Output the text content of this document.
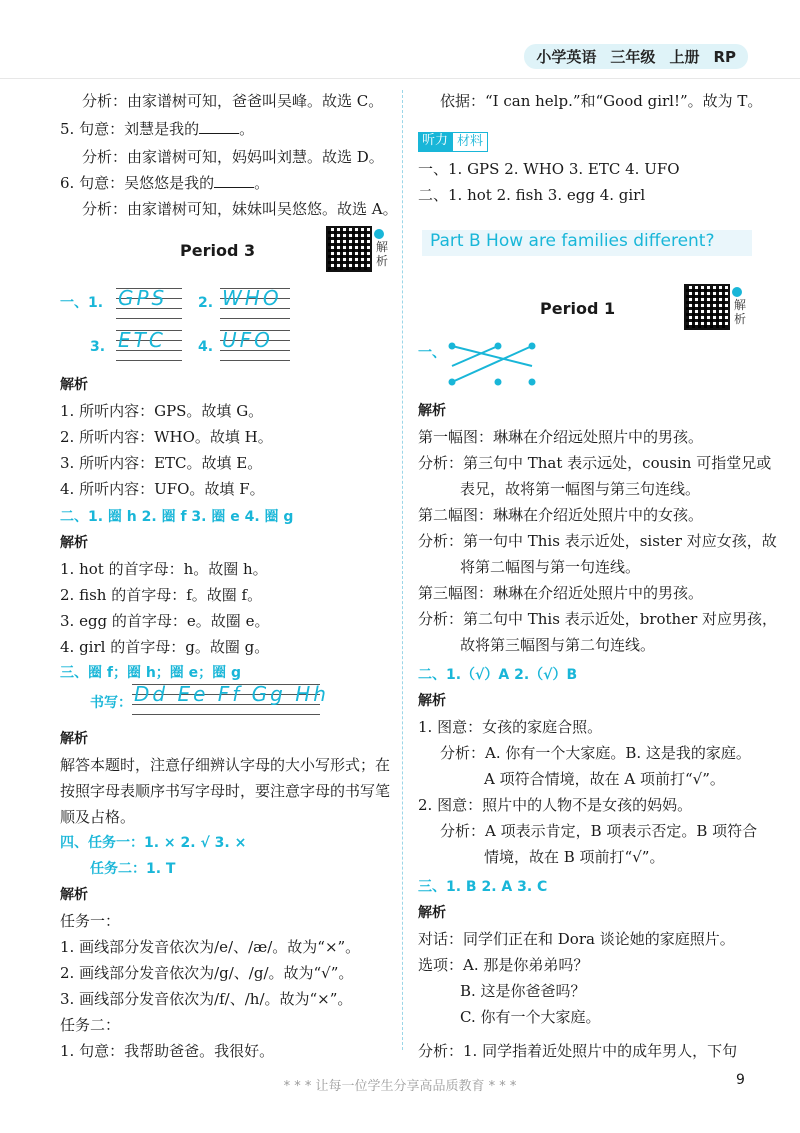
小学英语 三年级 上册 RP
分析：由家谱树可知，爸爸叫吴峰。故选 C。
5. 句意：刘慧是我的	。
分析：由家谱树可知，妈妈叫刘慧。故选 D。
6. 句意：吴悠悠是我的	。
分析：由家谱树可知，妹妹叫吴悠悠。故选 A。
Period 3	解析
一、1. GPS 2. WHO
3. ETC 4. UFO
解析
1. 所听内容：GPS。故填 G。
2. 所听内容：WHO。故填 H。
3. 所听内容：ETC。故填 E。
4. 所听内容：UFO。故填 F。
二、1. 圈 h 2. 圈 f 3. 圈 e 4. 圈 g
解析
1. hot 的首字母：h。故圈 h。
2. fish 的首字母：f。故圈 f。
3. egg 的首字母：e。故圈 e。
4. girl 的首字母：g。故圈 g。
三、圈 f；圈 h；圈 e；圈 g
书写： Dd Ee Ff Gg Hh
解析
解答本题时，注意仔细辨认字母的大小写形式；在
按照字母表顺序书写字母时，要注意字母的书写笔
顺及占格。
四、任务一：1. × 2. √ 3. ×
任务二：1. T
解析
任务一：
1. 画线部分发音依次为/e/、/æ/。故为“×”。
2. 画线部分发音依次为/g/、/g/。故为“√”。
3. 画线部分发音依次为/f/、/h/。故为“×”。
任务二：
1. 句意：我帮助爸爸。我很好。
依据：“I can help.”和“Good girl!”。故为 T。
一、1. GPS 2. WHO 3. ETC 4. UFO
二、1. hot 2. fish 3. egg 4. girl
Period 1	解析
一、
解析
第一幅图：琳琳在介绍远处照片中的男孩。
分析：第三句中 That 表示远处，cousin 可指堂兄或
表兄，故将第一幅图与第三句连线。
第二幅图：琳琳在介绍近处照片中的女孩。
分析：第一句中 This 表示近处，sister 对应女孩，故
将第二幅图与第一句连线。
第三幅图：琳琳在介绍近处照片中的男孩。
分析：第二句中 This 表示近处，brother 对应男孩，
故将第三幅图与第二句连线。
二、1.（√）A 2.（√）B
解析
1. 图意：女孩的家庭合照。
分析：A. 你有一个大家庭。B. 这是我的家庭。
A 项符合情境，故在 A 项前打“√”。
2. 图意：照片中的人物不是女孩的妈妈。
分析：A 项表示肯定，B 项表示否定。B 项符合
情境，故在 B 项前打“√”。
三、1. B 2. A 3. C
解析
对话：同学们正在和 Dora 谈论她的家庭照片。
选项：A. 那是你弟弟吗？
B. 这是你爸爸吗？
C. 你有一个大家庭。
分析：1. 同学指着近处照片中的成年男人，下句
听力 材料
Part B How are families different?
* * * 让每一位学生分享高品质教育 * * *	9
